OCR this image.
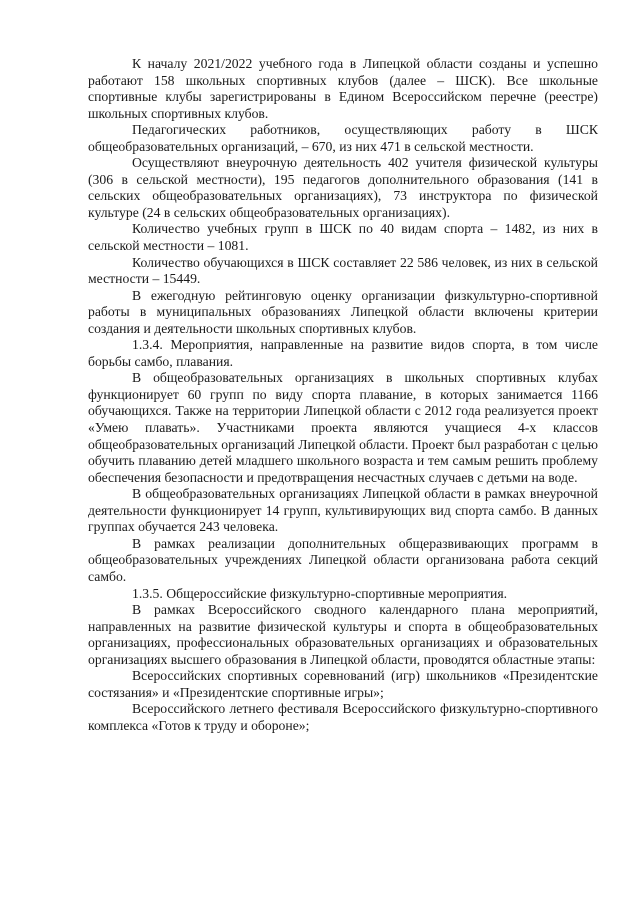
К началу 2021/2022 учебного года в Липецкой области созданы и успешно работают 158 школьных спортивных клубов (далее – ШСК). Все школьные спортивные клубы зарегистрированы в Едином Всероссийском перечне (реестре) школьных спортивных клубов.

Педагогических работников, осуществляющих работу в ШСК общеобразовательных организаций, – 670, из них 471 в сельской местности.

Осуществляют внеурочную деятельность 402 учителя физической культуры (306 в сельской местности), 195 педагогов дополнительного образования (141 в сельских общеобразовательных организациях), 73 инструктора по физической культуре (24 в сельских общеобразовательных организациях).

Количество учебных групп в ШСК по 40 видам спорта – 1482, из них в сельской местности – 1081.

Количество обучающихся в ШСК составляет 22 586 человек, из них в сельской местности – 15449.

В ежегодную рейтинговую оценку организации физкультурно-спортивной работы в муниципальных образованиях Липецкой области включены критерии создания и деятельности школьных спортивных клубов.

1.3.4. Мероприятия, направленные на развитие видов спорта, в том числе борьбы самбо, плавания.

В общеобразовательных организациях в школьных спортивных клубах функционирует 60 групп по виду спорта плавание, в которых занимается 1166 обучающихся. Также на территории Липецкой области с 2012 года реализуется проект «Умею плавать». Участниками проекта являются учащиеся 4-х классов общеобразовательных организаций Липецкой области. Проект был разработан с целью обучить плаванию детей младшего школьного возраста и тем самым решить проблему обеспечения безопасности и предотвращения несчастных случаев с детьми на воде.

В общеобразовательных организациях Липецкой области в рамках внеурочной деятельности функционирует 14 групп, культивирующих вид спорта самбо. В данных группах обучается 243 человека.

В рамках реализации дополнительных общеразвивающих программ в общеобразовательных учреждениях Липецкой области организована работа секций самбо.

1.3.5. Общероссийские физкультурно-спортивные мероприятия.

В рамках Всероссийского сводного календарного плана мероприятий, направленных на развитие физической культуры и спорта в общеобразовательных организациях, профессиональных образовательных организациях и образовательных организациях высшего образования в Липецкой области, проводятся областные этапы:

Всероссийских спортивных соревнований (игр) школьников «Президентские состязания» и «Президентские спортивные игры»;

Всероссийского летнего фестиваля Всероссийского физкультурно-спортивного комплекса «Готов к труду и обороне»;
